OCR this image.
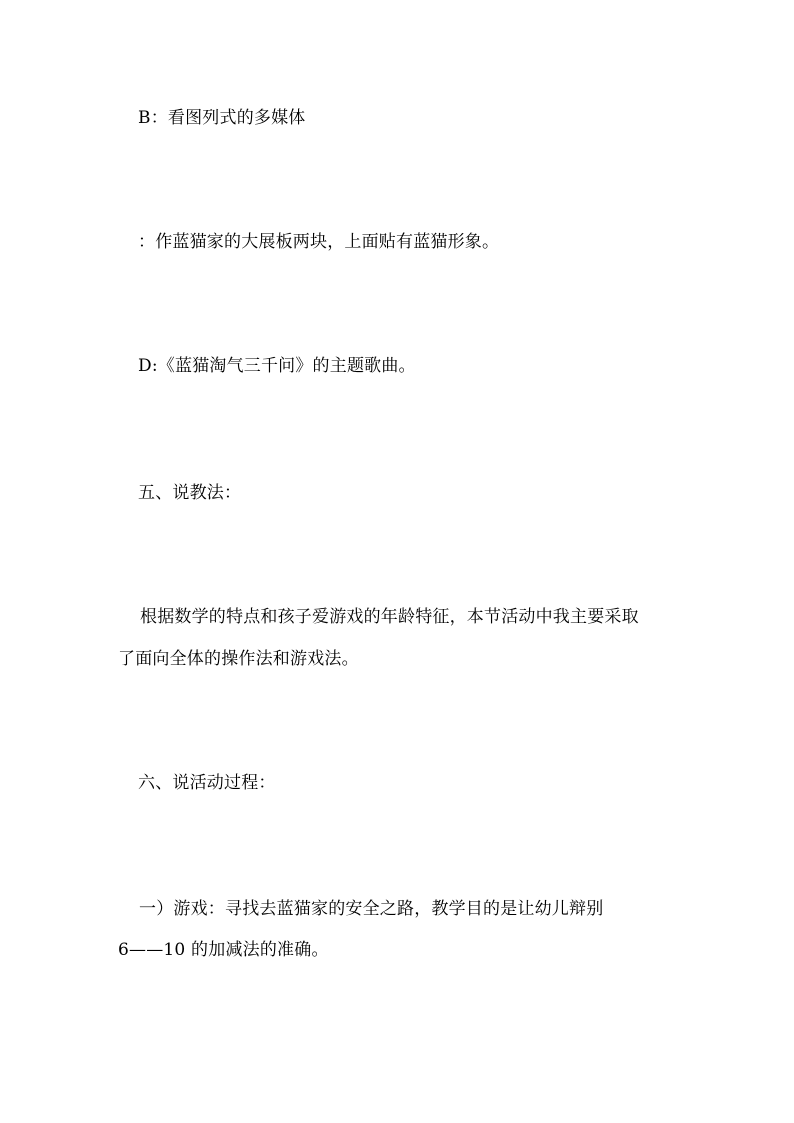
B：看图列式的多媒体
：作蓝猫家的大展板两块，上面贴有蓝猫形象。
D:《蓝猫淘气三千问》的主题歌曲。
五、说教法：
根据数学的特点和孩子爱游戏的年龄特征，本节活动中我主要采取
了面向全体的操作法和游戏法。
六、说活动过程：
一）游戏：寻找去蓝猫家的安全之路，教学目的是让幼儿辩别
6——10 的加减法的准确。
